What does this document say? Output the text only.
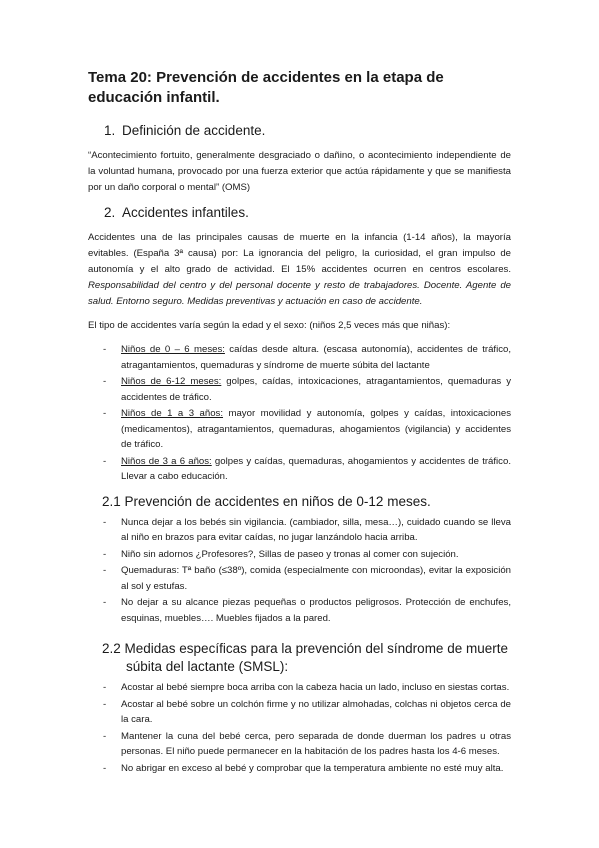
Tema 20: Prevención de accidentes en la etapa de educación infantil.
1. Definición de accidente.

“Acontecimiento fortuito, generalmente desgraciado o dañino, o acontecimiento independiente de la voluntad humana, provocado por una fuerza exterior que actúa rápidamente y que se manifiesta por un daño corporal o mental” (OMS)

2. Accidentes infantiles.

Accidentes una de las principales causas de muerte en la infancia (1-14 años), la mayoría evitables. (España 3ª causa) por: La ignorancia del peligro, la curiosidad, el gran impulso de autonomía y el alto grado de actividad. El 15% accidentes ocurren en centros escolares. Responsabilidad del centro y del personal docente y resto de trabajadores. Docente. Agente de salud. Entorno seguro. Medidas preventivas y actuación en caso de accidente.

El tipo de accidentes varía según la edad y el sexo: (niños 2,5 veces más que niñas):

- Niños de 0 – 6 meses: caídas desde altura. (escasa autonomía), accidentes de tráfico, atragantamientos, quemaduras y síndrome de muerte súbita del lactante
- Niños de 6-12 meses: golpes, caídas, intoxicaciones, atragantamientos, quemaduras y accidentes de tráfico.
- Niños de 1 a 3 años: mayor movilidad y autonomía, golpes y caídas, intoxicaciones (medicamentos), atragantamientos, quemaduras, ahogamientos (vigilancia) y accidentes de tráfico.
- Niños de 3 a 6 años: golpes y caídas, quemaduras, ahogamientos y accidentes de tráfico. Llevar a cabo educación.
2.1 Prevención de accidentes en niños de 0-12 meses.
- Nunca dejar a los bebés sin vigilancia. (cambiador, silla, mesa…), cuidado cuando se lleva al niño en brazos para evitar caídas, no jugar lanzándolo hacia arriba.
- Niño sin adornos ¿Profesores?, Sillas de paseo y tronas al comer con sujeción.
- Quemaduras: Tª baño (≤38º), comida (especialmente con microondas), evitar la exposición al sol y estufas.
- No dejar a su alcance piezas pequeñas o productos peligrosos. Protección de enchufes, esquinas, muebles…. Muebles fijados a la pared.
2.2 Medidas específicas para la prevención del síndrome de muerte
súbita del lactante (SMSL):
- Acostar al bebé siempre boca arriba con la cabeza hacia un lado, incluso en siestas cortas.
- Acostar al bebé sobre un colchón firme y no utilizar almohadas, colchas ni objetos cerca de la cara.
- Mantener la cuna del bebé cerca, pero separada de donde duerman los padres u otras personas. El niño puede permanecer en la habitación de los padres hasta los 4-6 meses.
- No abrigar en exceso al bebé y comprobar que la temperatura ambiente no esté muy alta.
